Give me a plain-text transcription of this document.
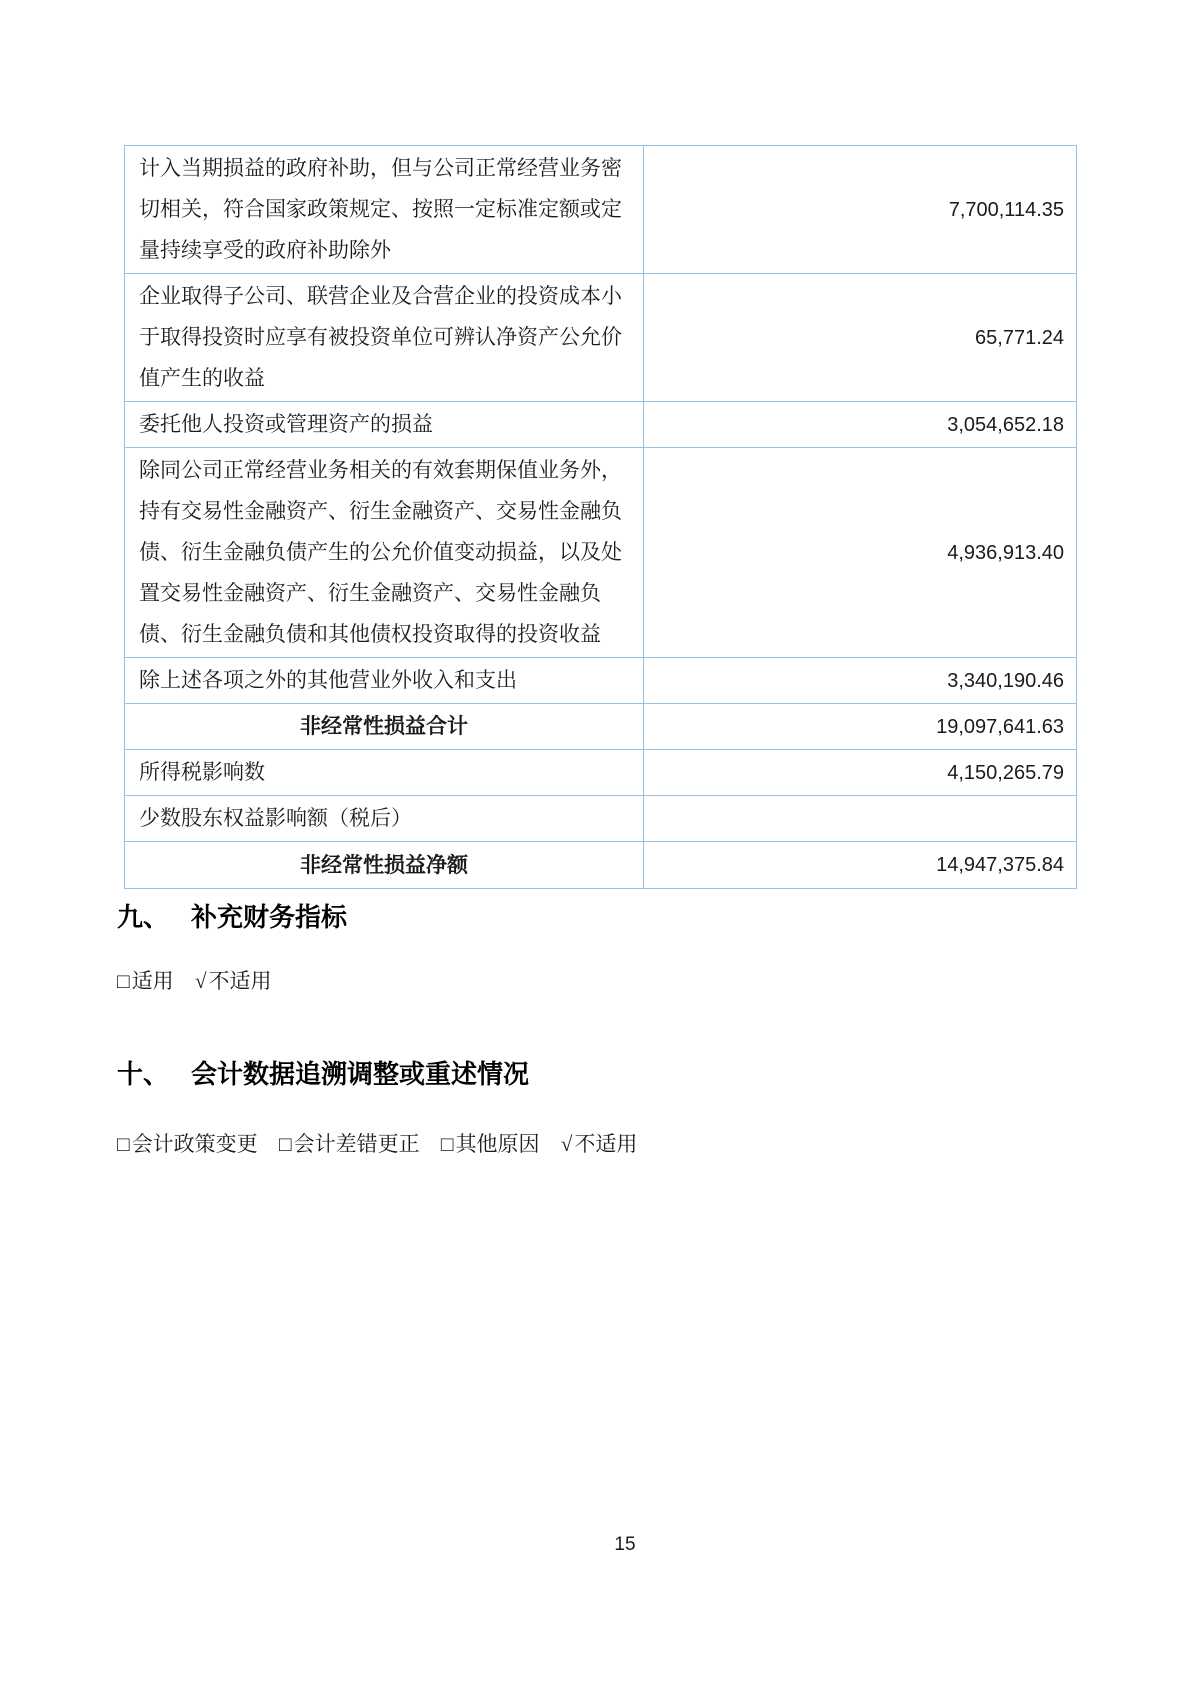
计入当期损益的政府补助，但与公司正常经营业务密切相关，符合国家政策规定、按照一定标准定额或定量持续享受的政府补助除外	7,700,114.35
企业取得子公司、联营企业及合营企业的投资成本小于取得投资时应享有被投资单位可辨认净资产公允价值产生的收益	65,771.24
委托他人投资或管理资产的损益	3,054,652.18
除同公司正常经营业务相关的有效套期保值业务外，持有交易性金融资产、衍生金融资产、交易性金融负债、衍生金融负债产生的公允价值变动损益，以及处置交易性金融资产、衍生金融资产、交易性金融负债、衍生金融负债和其他债权投资取得的投资收益	4,936,913.40
除上述各项之外的其他营业外收入和支出	3,340,190.46
非经常性损益合计	19,097,641.63
所得税影响数	4,150,265.79
少数股东权益影响额（税后）	
非经常性损益净额	14,947,375.84
九、 补充财务指标
□适用 √不适用
十、 会计数据追溯调整或重述情况
□会计政策变更 □会计差错更正 □其他原因 √不适用
15
